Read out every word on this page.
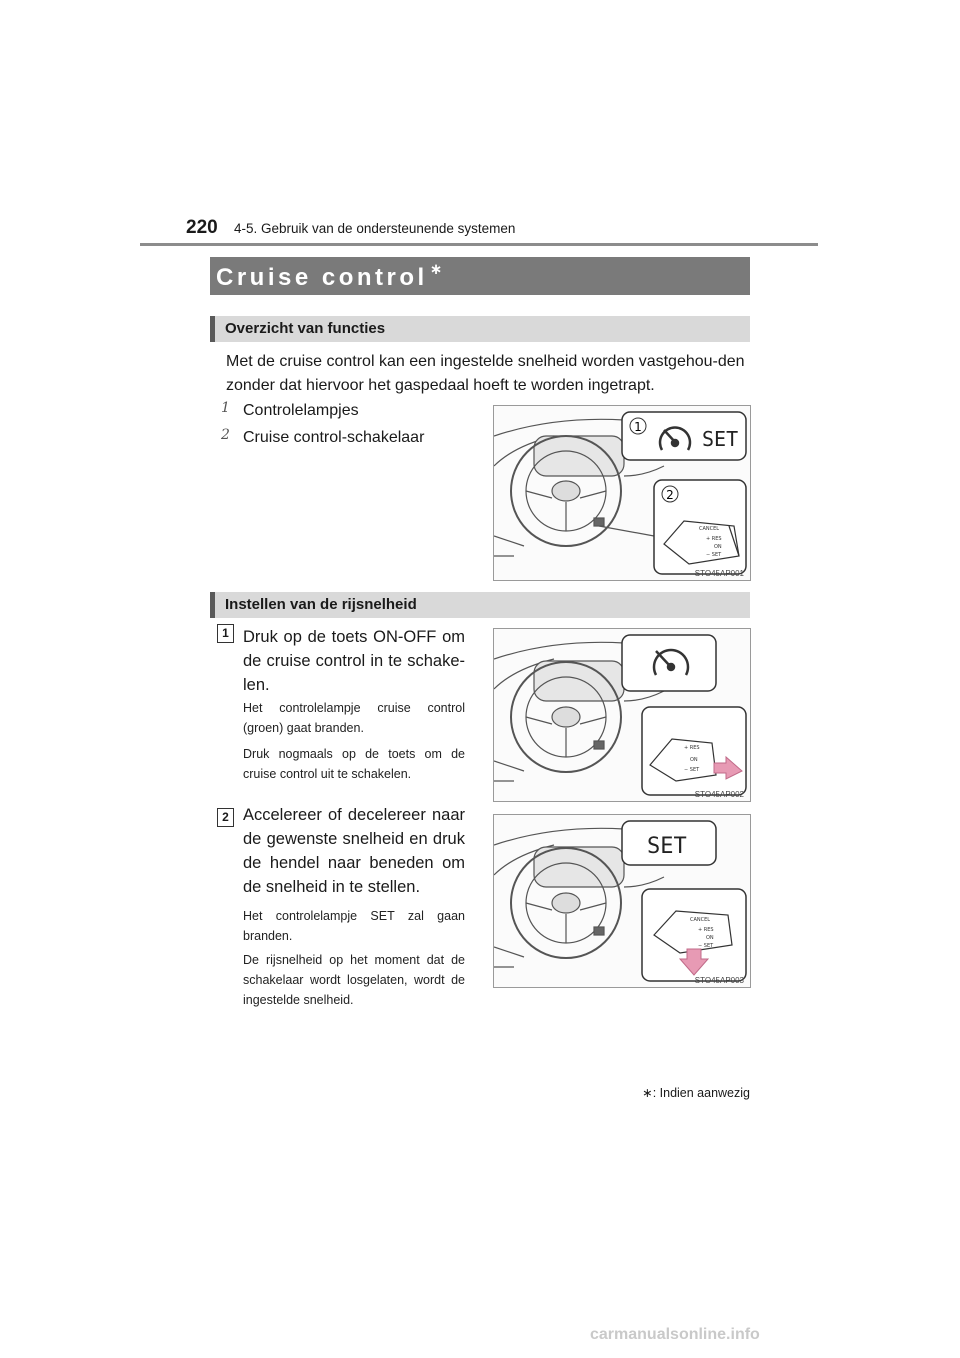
220 4-5. Gebruik van de ondersteunende systemen
Cruise control ∗
Overzicht van functies
Met de cruise control kan een ingestelde snelheid worden vastgehou-den zonder dat hiervoor het gaspedaal hoeft te worden ingetrapt.
1 Controlelampjes
2 Cruise control-schakelaar
1	SET
2
CANCEL
+ RES
ON
− SET
STO45AP001
Instellen van de rijsnelheid
1 Druk op de toets ON-OFF om de cruise control in te schake-len.
Het controlelampje cruise control (groen) gaat branden.
Druk nogmaals op de toets om de cruise control uit te schakelen.
+ RES
ON
− SET
STO45AP002
2 Accelereer of decelereer naar de gewenste snelheid en druk de hendel naar beneden om de snelheid in te stellen.
Het controlelampje SET zal gaan branden.
De rijsnelheid op het moment dat de schakelaar wordt losgelaten, wordt de ingestelde snelheid.
SET
CANCEL
+ RES
ON
− SET
STO45AP003
∗: Indien aanwezig
carmanualsonline.info
